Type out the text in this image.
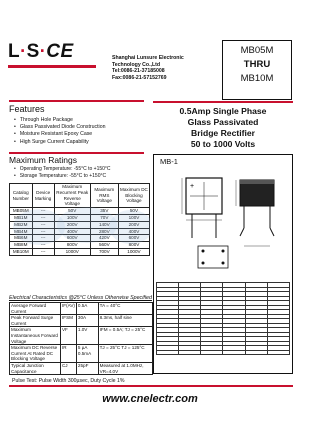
L·S·CE	Shanghai Lunsure Electronic
Technology Co.,Ltd
Tel:0086-21-37185008
Fax:0086-21-57152769
MB05M
THRU
MB10M
Features
• Through Hole Package
• Glass Passivated Diode Construction
• Moisture Resistant Epoxy Case
• High Surge Current Capability
0.5Amp Single Phase
Glass Passivated
Bridge Rectifier
50 to 1000 Volts
Maximum Ratings
• Operating Temperature: -55°C to +150°C
• Storage Temperature: -55°C to +150°C
Catalog Number	Device Marking	Maximum Recurrent Peak Reverse Voltage	Maximum RMS Voltage	Maximum DC Blocking Voltage
MB05M	---	50V	35V	50V
MB1M	---	100V	70V	100V
MB2M	---	200V	140V	200V
MB4M	---	400V	280V	400V
MB6M	---	600V	420V	600V
MB8M	---	800V	560V	800V
MB10M	---	1000V	700V	1000V
MB-1
+

Electrical Characteristics @25°C Unless Otherwise Specified
Average Forward Current	IF(AV)	0.5A	TA = 40°C
Peak Forward Surge Current	IFSM	30A	8.3ms, half sine
Maximum Instantaneous Forward Voltage	VF	1.0V	IFM = 0.5A; TJ = 25°C
Maximum DC Reverse Current At Rated DC Blocking Voltage	IR	5 µA 0.5mA	TJ = 25°C TJ = 125°C
Typical Junction Capacitance	CJ	25pF	Measured at 1.0MHz, VR=4.0V
Pulse Test: Pulse Width 300µsec, Duty Cycle 1%
www.cnelectr.com
